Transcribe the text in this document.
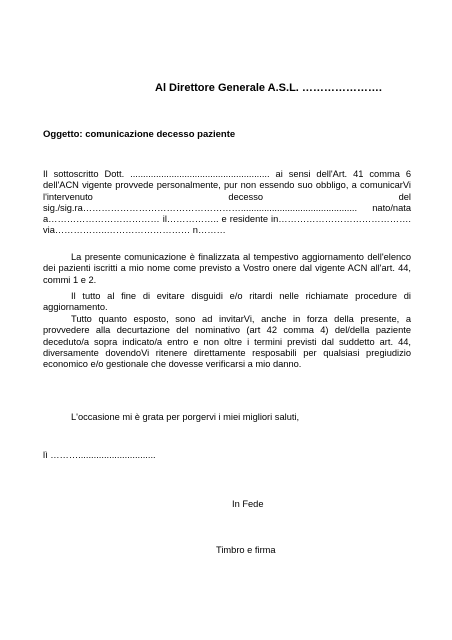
Al Direttore Generale A.S.L. ………………….
Oggetto: comunicazione decesso paziente
Il sottoscritto Dott. ...................................................... ai sensi dell'Art. 41 comma 6 dell'ACN vigente provvede personalmente, pur non essendo suo obbligo, a comunicarVi l'intervenuto decesso del sig./sig.ra……………………………………………............................................. nato/nata a……………………………… il…………….. e residente in……………………………………. via……………..……………………… n………
La presente comunicazione è finalizzata al tempestivo aggiornamento dell'elenco dei pazienti iscritti a mio nome come previsto a Vostro onere dal vigente ACN all'art. 44, commi 1 e 2.
Il tutto al fine di evitare disguidi e/o ritardi nelle richiamate procedure di aggiornamento.
Tutto quanto esposto, sono ad invitarVi, anche in forza della presente, a provvedere alla decurtazione del nominativo (art 42 comma 4) del/della paziente deceduto/a sopra indicato/a entro e non oltre i termini previsti dal suddetto art. 44, diversamente dovendoVi ritenere direttamente resposabili per qualsiasi pregiudizio economico e/o gestionale che dovesse verificarsi a mio danno.
L'occasione mi è grata per porgervi i miei migliori saluti,
lì ………..............................
In Fede
Timbro e firma
